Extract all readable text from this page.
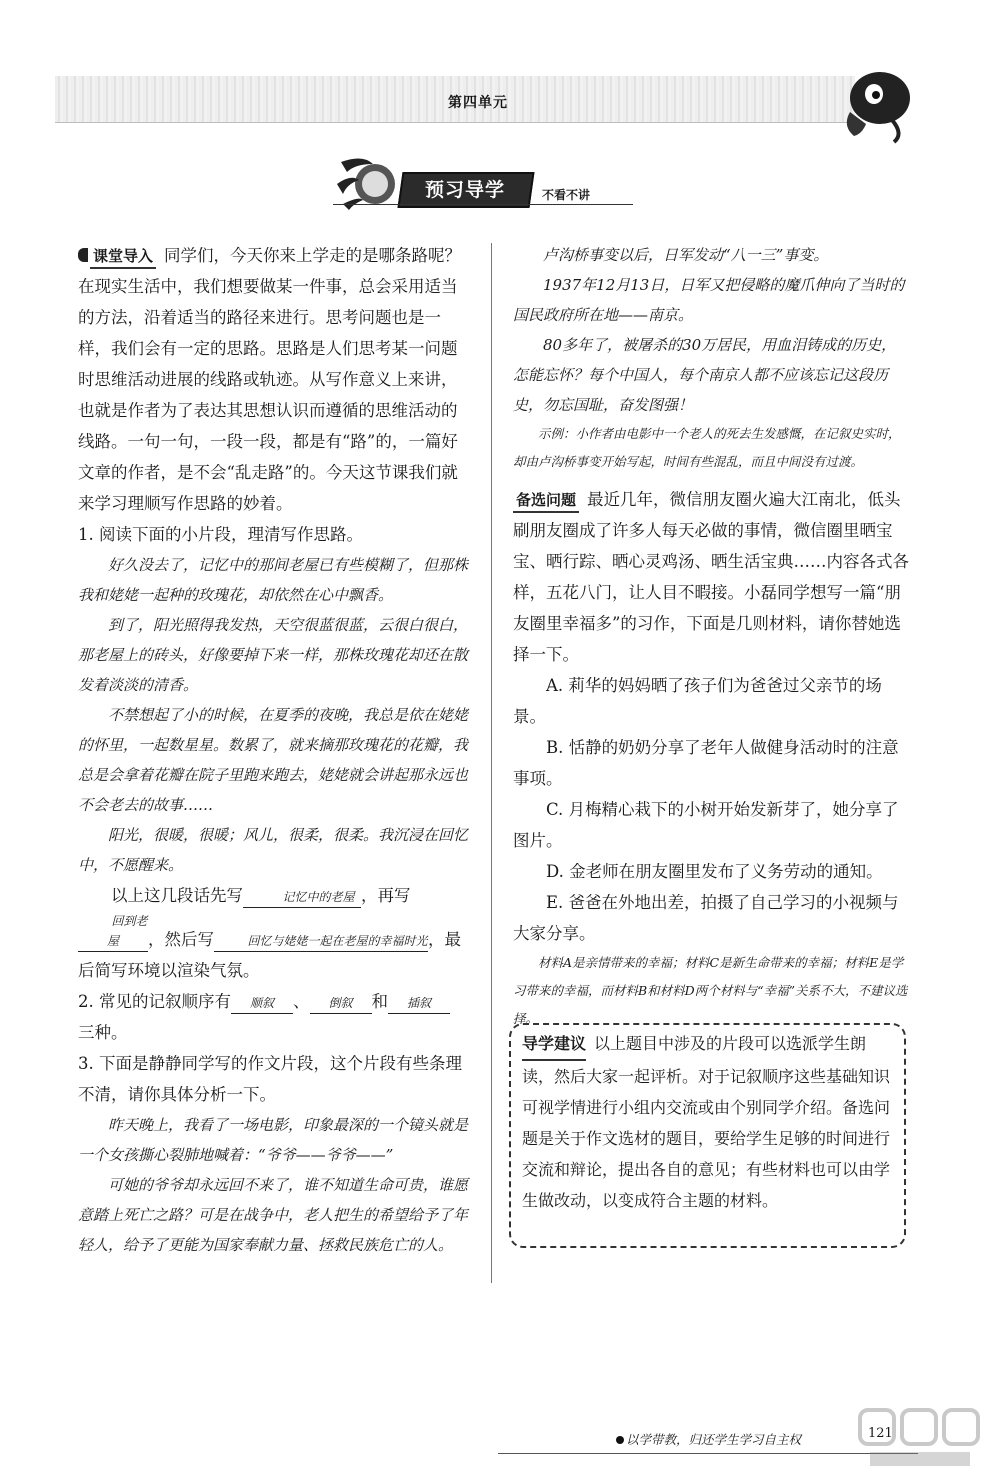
第四单元
预习导学	不看不讲
课堂导入 同学们，今天你来上学走的是哪条路呢？在现实生活中，我们想要做某一件事，总会采用适当的方法，沿着适当的路径来进行。思考问题也是一样，我们会有一定的思路。思路是人们思考某一问题时思维活动进展的线路或轨迹。从写作意义上来讲，也就是作者为了表达其思想认识而遵循的思维活动的线路。一句一句，一段一段，都是有“路”的，一篇好文章的作者，是不会“乱走路”的。今天这节课我们就来学习理顺写作思路的妙着。
1. 阅读下面的小片段，理清写作思路。
好久没去了，记忆中的那间老屋已有些模糊了，但那株我和姥姥一起种的玫瑰花，却依然在心中飘香。
到了，阳光照得我发热，天空很蓝很蓝，云很白很白，那老屋上的砖头，好像要掉下来一样，那株玫瑰花却还在散发着淡淡的清香。
不禁想起了小的时候，在夏季的夜晚，我总是依在姥姥的怀里，一起数星星。数累了，就来摘那玫瑰花的花瓣，我总是会拿着花瓣在院子里跑来跑去，姥姥就会讲起那永远也不会老去的故事……
阳光，很暖，很暖；风儿，很柔，很柔。我沉浸在回忆中，不愿醒来。
以上这几段话先写	记忆中的老屋 ，再写回到老屋 ，然后写	回忆与姥姥一起在老屋的幸福时光，最后简写环境以渲染气氛。
2. 常见的记叙顺序有 顺叙 、 倒叙 和 插叙
三种。
3. 下面是静静同学写的作文片段，这个片段有些条理不清，请你具体分析一下。
昨天晚上，我看了一场电影，印象最深的一个镜头就是一个女孩撕心裂肺地喊着：“爷爷——爷爷——”
可她的爷爷却永远回不来了，谁不知道生命可贵，谁愿意踏上死亡之路？可是在战争中，老人把生的希望给予了年轻人，给予了更能为国家奉献力量、拯救民族危亡的人。
卢沟桥事变以后，日军发动“八一三”事变。
1937年12月13日，日军又把侵略的魔爪伸向了当时的国民政府所在地——南京。
80多年了，被屠杀的30万居民，用血泪铸成的历史，怎能忘怀？每个中国人，每个南京人都不应该忘记这段历史，勿忘国耻，奋发图强！
示例：小作者由电影中一个老人的死去生发感慨，在记叙史实时，却由卢沟桥事变开始写起，时间有些混乱，而且中间没有过渡。
备选问题 最近几年，微信朋友圈火遍大江南北，低头刷朋友圈成了许多人每天必做的事情，微信圈里晒宝宝、晒行踪、晒心灵鸡汤、晒生活宝典……内容各式各样，五花八门，让人目不暇接。小磊同学想写一篇“朋友圈里幸福多”的习作，下面是几则材料，请你替她选择一下。
A. 莉华的妈妈晒了孩子们为爸爸过父亲节的场景。
B. 恬静的奶奶分享了老年人做健身活动时的注意事项。
C. 月梅精心栽下的小树开始发新芽了，她分享了图片。
D. 金老师在朋友圈里发布了义务劳动的通知。
E. 爸爸在外地出差，拍摄了自己学习的小视频与大家分享。
材料A是亲情带来的幸福；材料C是新生命带来的幸福；材料E是学习带来的幸福，而材料B和材料D两个材料与“幸福”关系不大，不建议选择。
导学建议 以上题目中涉及的片段可以选派学生朗读，然后大家一起评析。对于记叙顺序这些基础知识可视学情进行小组内交流或由个别同学介绍。备选问题是关于作文选材的题目，要给学生足够的时间进行交流和辩论，提出各自的意见；有些材料也可以由学生做改动，以变成符合主题的材料。
以学带教，归还学生学习自主权	121
